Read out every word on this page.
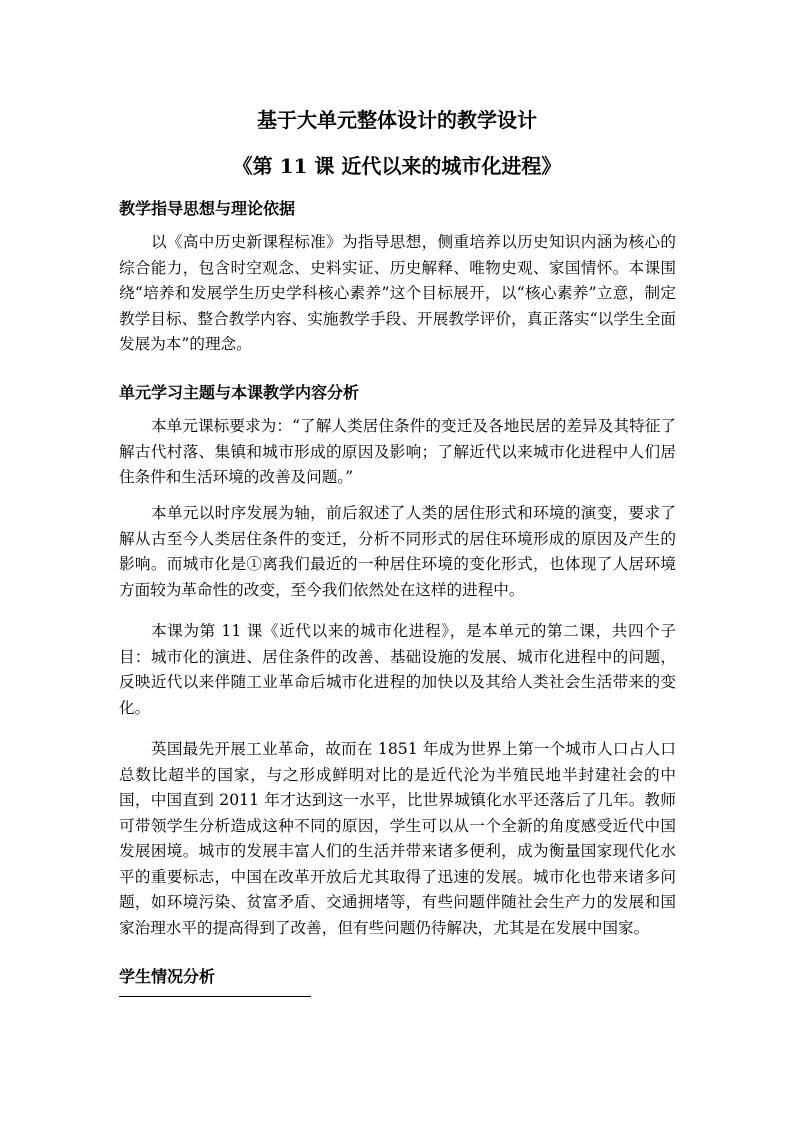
基于大单元整体设计的教学设计
《第 11 课 近代以来的城市化进程》
教学指导思想与理论依据
以《高中历史新课程标准》为指导思想，侧重培养以历史知识内涵为核心的综合能力，包含时空观念、史料实证、历史解释、唯物史观、家国情怀。本课围绕“培养和发展学生历史学科核心素养”这个目标展开，以“核心素养”立意，制定教学目标、整合教学内容、实施教学手段、开展教学评价，真正落实“以学生全面发展为本”的理念。
单元学习主题与本课教学内容分析
本单元课标要求为：“了解人类居住条件的变迁及各地民居的差异及其特征了解古代村落、集镇和城市形成的原因及影响；了解近代以来城市化进程中人们居住条件和生活环境的改善及问题。”
本单元以时序发展为轴，前后叙述了人类的居住形式和环境的演变，要求了解从古至今人类居住条件的变迁，分析不同形式的居住环境形成的原因及产生的影响。而城市化是①离我们最近的一种居住环境的变化形式，也体现了人居环境方面较为革命性的改变，至今我们依然处在这样的进程中。
本课为第 11 课《近代以来的城市化进程》，是本单元的第二课，共四个子目：城市化的演进、居住条件的改善、基础设施的发展、城市化进程中的问题，反映近代以来伴随工业革命后城市化进程的加快以及其给人类社会生活带来的变化。
英国最先开展工业革命，故而在 1851 年成为世界上第一个城市人口占人口总数比超半的国家，与之形成鲜明对比的是近代沦为半殖民地半封建社会的中国，中国直到 2011 年才达到这一水平，比世界城镇化水平还落后了几年。教师可带领学生分析造成这种不同的原因，学生可以从一个全新的角度感受近代中国发展困境。城市的发展丰富人们的生活并带来诸多便利，成为衡量国家现代化水平的重要标志，中国在改革开放后尤其取得了迅速的发展。城市化也带来诸多问题，如环境污染、贫富矛盾、交通拥堵等，有些问题伴随社会生产力的发展和国家治理水平的提高得到了改善，但有些问题仍待解决，尤其是在发展中国家。
学生情况分析
